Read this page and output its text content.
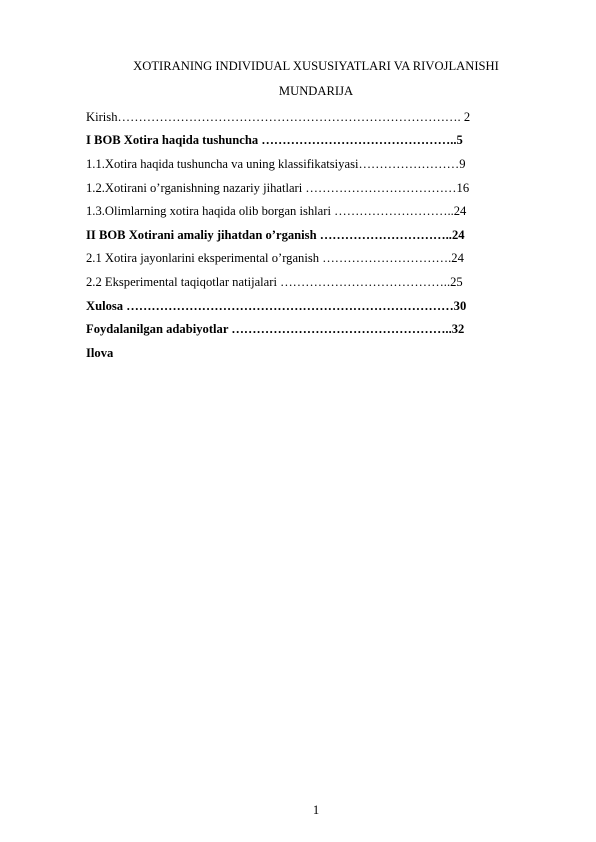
XOTIRANING INDIVIDUAL XUSUSIYATLARI VA RIVOJLANISHI
MUNDARIJA
Kirish………………………………………………………………………. 2
I BOB Xotira haqida tushuncha ………………………………………..5
1.1.Xotira haqida tushuncha va uning klassifikatsiyasi……………………9
1.2.Xotirani o’rganishning nazariy jihatlari ………………………………16
1.3.Olimlarning xotira haqida olib borgan ishlari ………………………..24
II BOB Xotirani amaliy jihatdan o’rganish …………………………..24
2.1 Xotira jayonlarini eksperimental o’rganish ………………………….24
2.2 Eksperimental taqiqotlar natijalari …………………………………..25
Xulosa ……………………………………………………………………30
Foydalanilgan adabiyotlar ……………………………………………..32
Ilova
1
